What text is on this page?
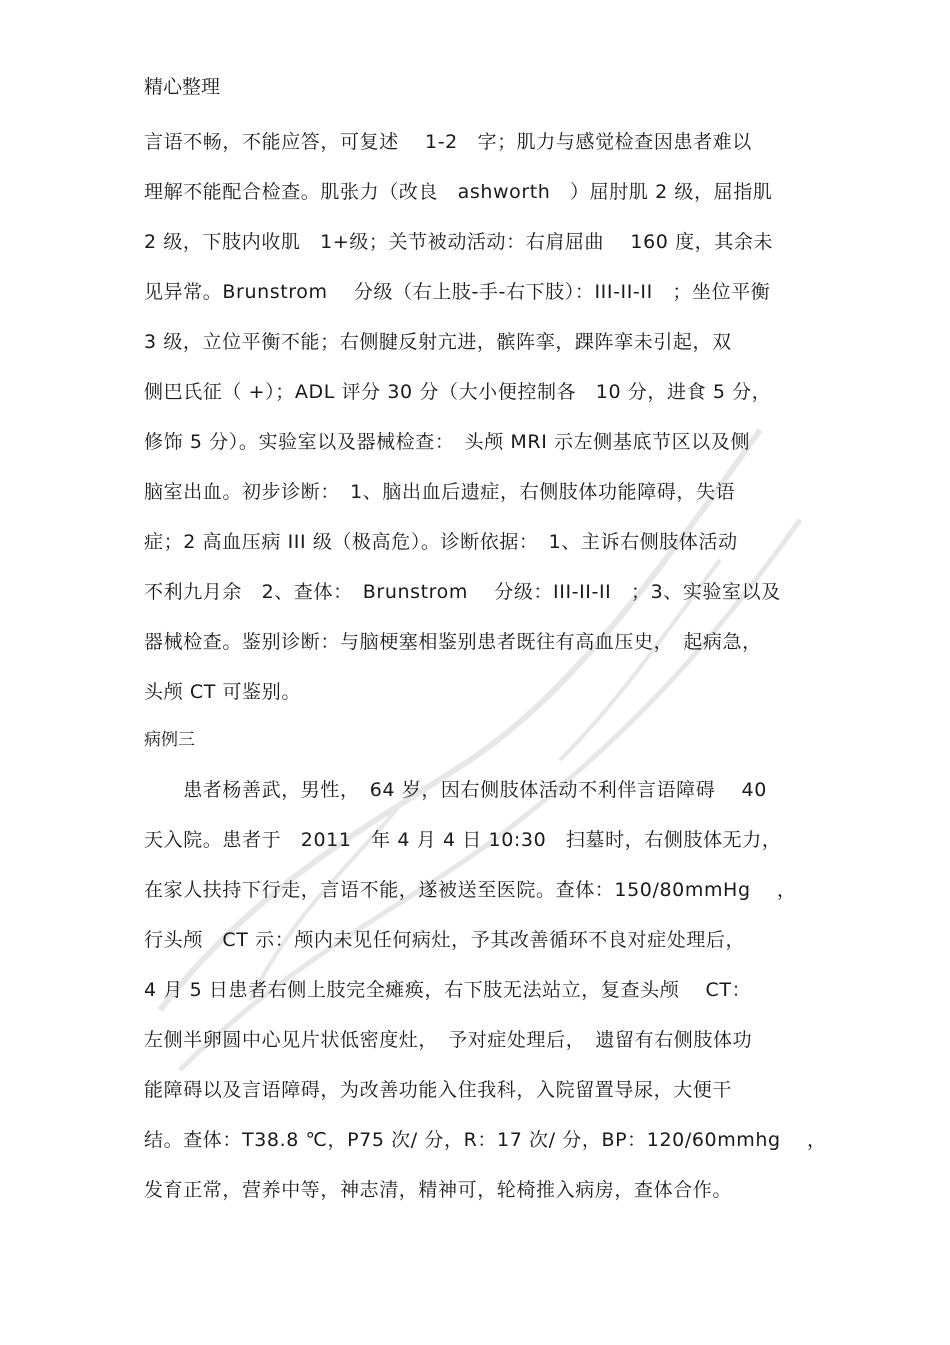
精心整理
言语不畅，不能应答，可复述　 1-2　字；肌力与感觉检查因患者难以
理解不能配合检查。肌张力（改良　ashworth　）屈肘肌 2 级，屈指肌
2 级，下肢内收肌　1+级；关节被动活动：右肩屈曲　 160 度，其余未
见异常。Brunstrom　 分级（右上肢-手-右下肢）：III-II-II　；坐位平衡
3 级，立位平衡不能；右侧腱反射亢进，髌阵挛，踝阵挛未引起，双
侧巴氏征（ +）；ADL 评分 30 分（大小便控制各　10 分，进食 5 分，
修饰 5 分）。实验室以及器械检查：　头颅 MRI 示左侧基底节区以及侧
脑室出血。初步诊断：　1、脑出血后遗症，右侧肢体功能障碍，失语
症；2 高血压病 III 级（极高危）。诊断依据：　1、主诉右侧肢体活动
不利九月余　2、查体：　Brunstrom　 分级：III-II-II　；3、实验室以及
器械检查。鉴别诊断：与脑梗塞相鉴别患者既往有高血压史，　起病急，
头颅 CT 可鉴别。
病例三
　　患者杨善武，男性，　64 岁，因右侧肢体活动不利伴言语障碍　 40
天入院。患者于　2011　年 4 月 4 日 10:30　扫墓时，右侧肢体无力，
在家人扶持下行走，言语不能，遂被送至医院。查体：150/80mmHg　 ，
行头颅　CT 示：颅内未见任何病灶，予其改善循环不良对症处理后，
4 月 5 日患者右侧上肢完全瘫痪，右下肢无法站立，复查头颅　 CT：
左侧半卵圆中心见片状低密度灶，　予对症处理后，　遗留有右侧肢体功
能障碍以及言语障碍，为改善功能入住我科，入院留置导尿，大便干
结。查体：T38.8 ℃，P75 次/ 分，R：17 次/ 分，BP：120/60mmhg　 ，
发育正常，营养中等，神志清，精神可，轮椅推入病房，查体合作。
